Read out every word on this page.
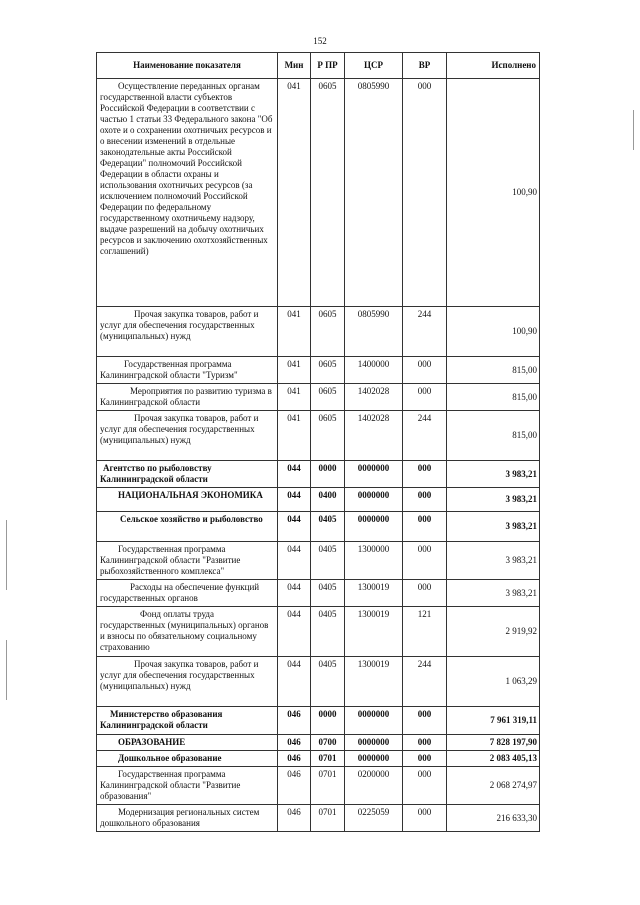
152
Наименование показателя	Мин	Р ПР	ЦСР	ВР	Исполнено
Осуществление переданных органам государственной власти субъектов Российской Федерации в соответствии с частью 1 статьи 33 Федерального закона "Об охоте и о сохранении охотничьих ресурсов и о внесении изменений в отдельные законодательные акты Российской Федерации" полномочий Российской Федерации в области охраны и использования охотничьих ресурсов (за исключением полномочий Российской Федерации по федеральному государственному охотничьему надзору, выдаче разрешений на добычу охотничьих ресурсов и заключению охотхозяйственных соглашений)	041	0605	0805990	000	100,90
Прочая закупка товаров, работ и услуг для обеспечения государственных (муниципальных) нужд	041	0605	0805990	244	100,90
Государственная программа Калининградской области "Туризм"	041	0605	1400000	000	815,00
Мероприятия по развитию туризма в Калининградской области	041	0605	1402028	000	815,00
Прочая закупка товаров, работ и услуг для обеспечения государственных (муниципальных) нужд	041	0605	1402028	244	815,00
Агентство по рыболовству Калининградской области	044	0000	0000000	000	3 983,21
НАЦИОНАЛЬНАЯ ЭКОНОМИКА	044	0400	0000000	000	3 983,21
Сельское хозяйство и рыболовство	044	0405	0000000	000	3 983,21
Государственная программа Калининградской области "Развитие рыбохозяйственного комплекса"	044	0405	1300000	000	3 983,21
Расходы на обеспечение функций государственных органов	044	0405	1300019	000	3 983,21
Фонд оплаты труда государственных (муниципальных) органов и взносы по обязательному социальному страхованию	044	0405	1300019	121	2 919,92
Прочая закупка товаров, работ и услуг для обеспечения государственных (муниципальных) нужд	044	0405	1300019	244	1 063,29
Министерство образования Калининградской области	046	0000	0000000	000	7 961 319,11
ОБРАЗОВАНИЕ	046	0700	0000000	000	7 828 197,90
Дошкольное образование	046	0701	0000000	000	2 083 405,13
Государственная программа Калининградской области "Развитие образования"	046	0701	0200000	000	2 068 274,97
Модернизация региональных систем дошкольного образования	046	0701	0225059	000	216 633,30
